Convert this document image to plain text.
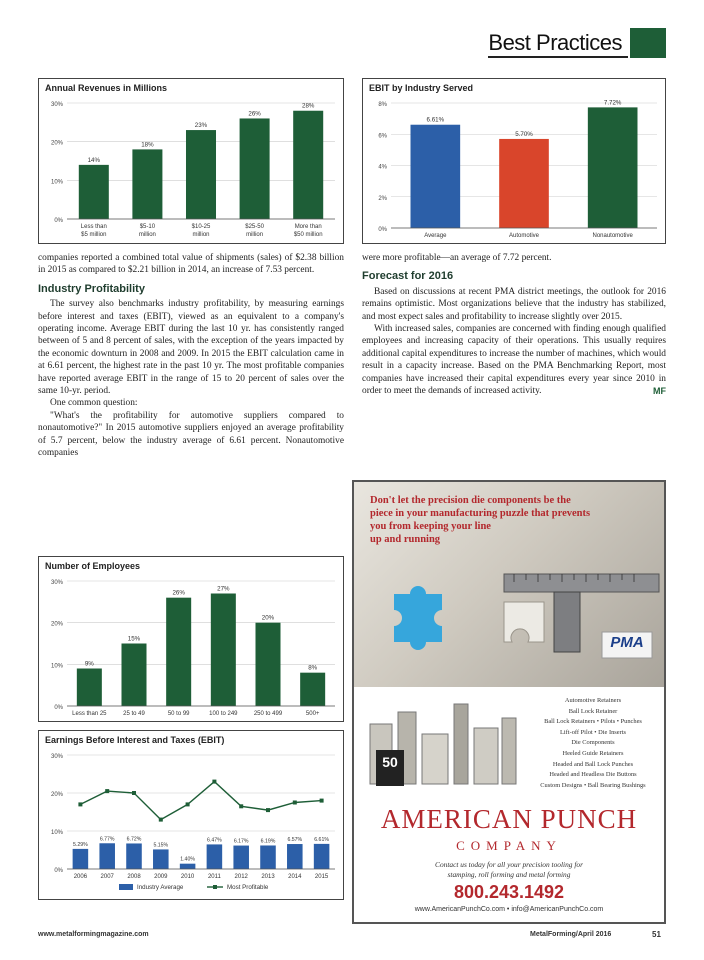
Best Practices
Annual Revenues in Millions
0%
10%
20%
30%
14%
Less than
$5 million
18%
$5-10
million
23%
$10-25
million
26%
$25-50
million
28%
More than
$50 million
EBIT by Industry Served
0%
2%
4%
6%
8%
6.61%
Average
5.70%
Automotive
7.72%
Nonautomotive

companies reported a combined total value of shipments (sales) of $2.38 billion in 2015 as compared to $2.21 billion in 2014, an increase of 7.53 percent.

Industry Profitability

The survey also benchmarks industry profitability, by measuring earnings before interest and taxes (EBIT), viewed as an equivalent to a company's operating income. Average EBIT during the last 10 yr. has consistently ranged between of 5 and 8 percent of sales, with the exception of the years impacted by the economic downturn in 2008 and 2009. In 2015 the EBIT calculation came in at 6.61 percent, the highest rate in the past 10 yr. The most profitable companies have reported average EBIT in the range of 15 to 20 percent of sales over the same 10-yr. period.

One common question:

"What's the profitability for automotive suppliers compared to nonautomotive?" In 2015 automotive suppliers enjoyed an average profitability of 5.7 percent, below the industry average of 6.61 percent. Nonautomotive companies

were more profitable—an average of 7.72 percent.

Forecast for 2016

Based on discussions at recent PMA district meetings, the outlook for 2016 remains optimistic. Most organizations believe that the industry has stabilized, and most expect sales and profitability to increase slightly over 2015.

With increased sales, companies are concerned with finding enough qualified employees and increasing capacity of their operations. This usually requires additional capital expenditures to increase the number of machines, which would result in a capacity increase. Based on the PMA Benchmarking Report, most companies have increased their capital expenditures every year since 2010 in order to meet the demands of increased activity.	MF

Number of Employees
0%
10%
20%
30%
9%
Less than 25
15%
25 to 49
26%
50 to 99
27%
100 to 249
20%
250 to 499
8%
500+
Earnings Before Interest and Taxes (EBIT)
0%
10%
20%
30%
5.29%
2006
6.77%
2007
6.72%
2008
5.15%
2009
1.40%
2010
6.47%
2011
6.17%
2012
6.19%
2013
6.57%
2014
6.61%
2015
Industry Average	Most Profitable
Don't let the precision die components be the
piece in your manufacturing puzzle that prevents
you from keeping your line
up and running
PMA
50
Automotive Retainers
Ball Lock Retainer
Ball Lock Retainers • Pilots • Punches
Lift-off Pilot • Die Inserts
Die Components
Heeled Guide Retainers
Headed and Ball Lock Punches
Headed and Headless Die Buttons
Custom Designs • Ball Bearing Bushings
AMERICAN PUNCH
COMPANY
Contact us today for all your precision tooling for
stamping, roll forming and metal forming
800.243.1492
www.AmericanPunchCo.com • info@AmericanPunchCo.com
www.metalformingmagazine.com	MetalForming/April 2016	51
